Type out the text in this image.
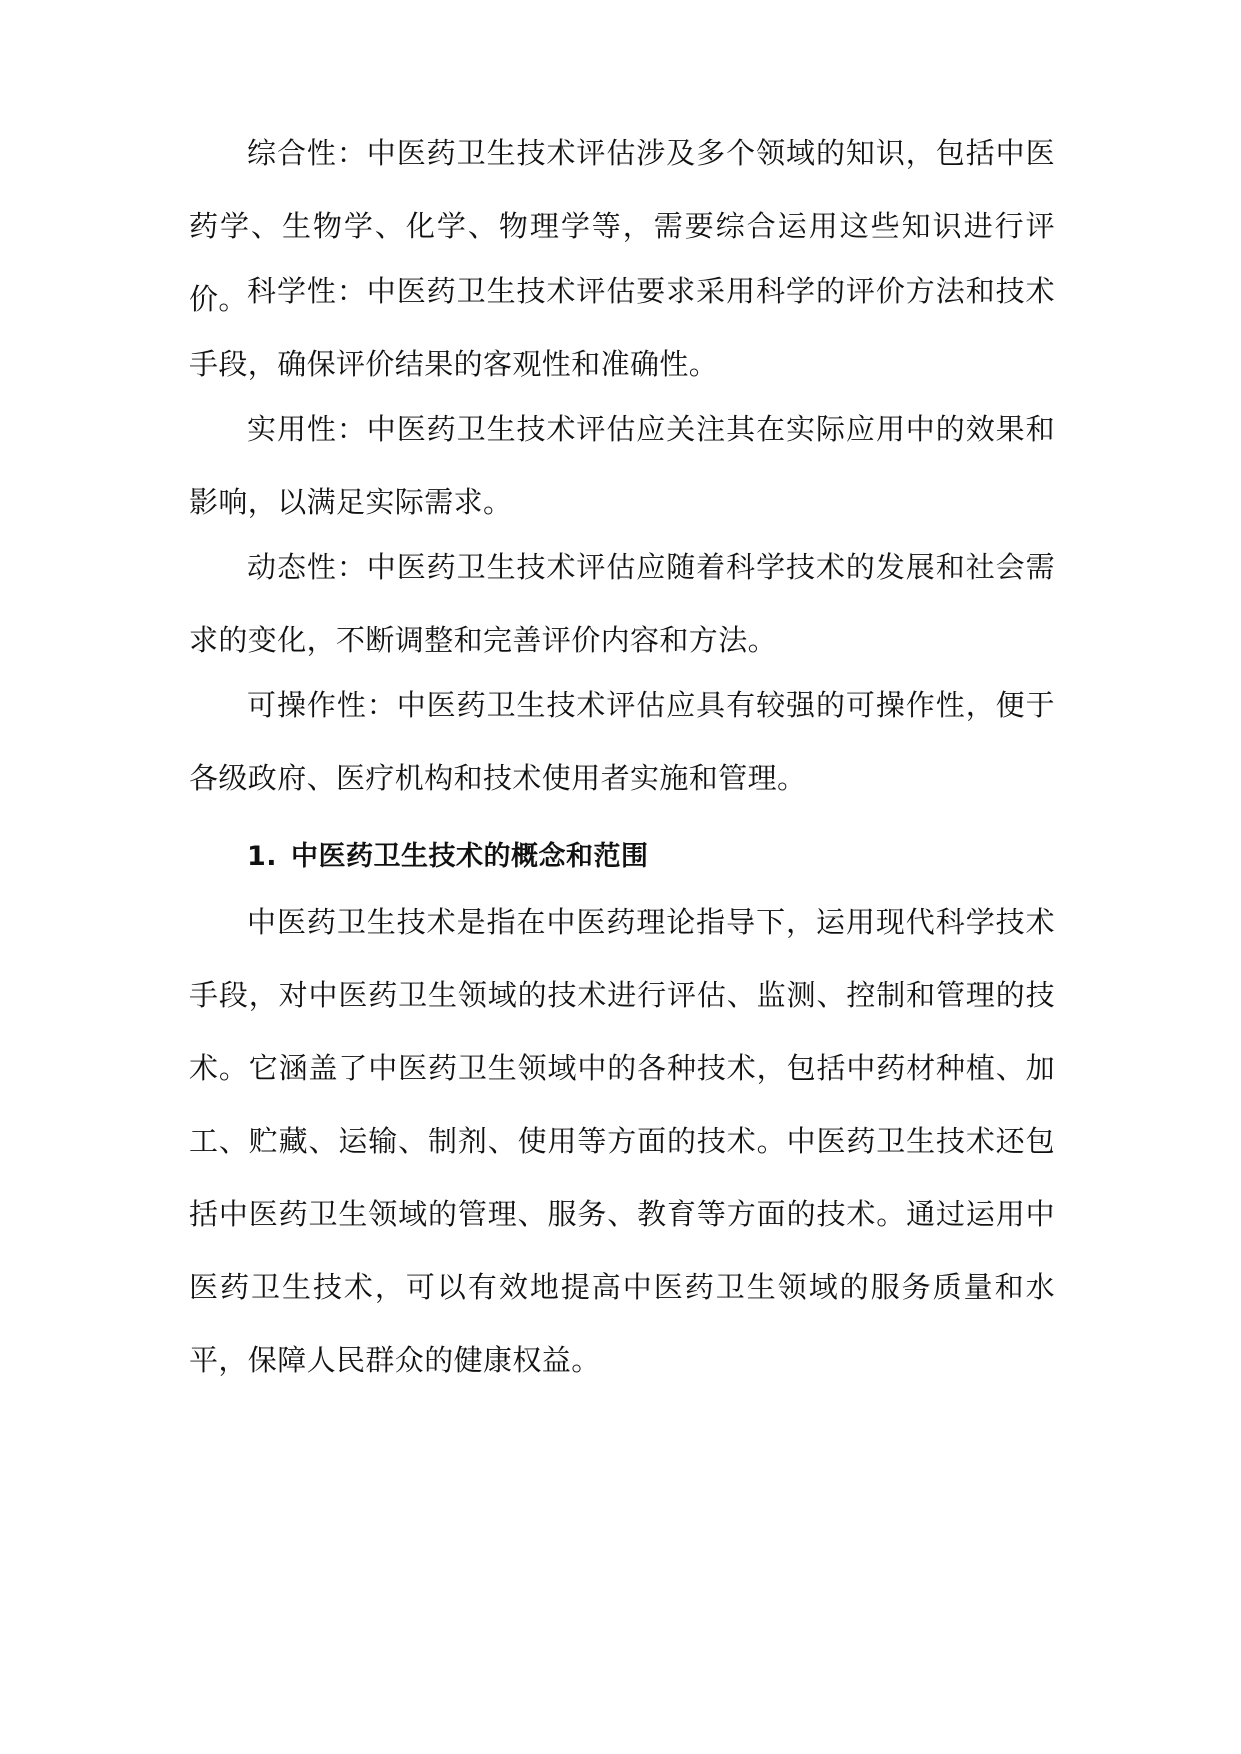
综合性：中医药卫生技术评估涉及多个领域的知识，包括中医药学、生物学、化学、物理学等，需要综合运用这些知识进行评价。 科学性：中医药卫生技术评估要求采用科学的评价方法和技术手段，确保评价结果的客观性和准确性。

实用性：中医药卫生技术评估应关注其在实际应用中的效果和影响，以满足实际需求。

动态性：中医药卫生技术评估应随着科学技术的发展和社会需求的变化，不断调整和完善评价内容和方法。

可操作性：中医药卫生技术评估应具有较强的可操作性，便于各级政府、医疗机构和技术使用者实施和管理。

1. 中医药卫生技术的概念和范围

中医药卫生技术是指在中医药理论指导下，运用现代科学技术手段，对中医药卫生领域的技术进行评估、监测、控制和管理的技术。它涵盖了中医药卫生领域中的各种技术，包括中药材种植、加工、贮藏、运输、制剂、使用等方面的技术。中医药卫生技术还包括中医药卫生领域的管理、服务、教育等方面的技术。通过运用中医药卫生技术，可以有效地提高中医药卫生领域的服务质量和水平，保障人民群众的健康权益。
